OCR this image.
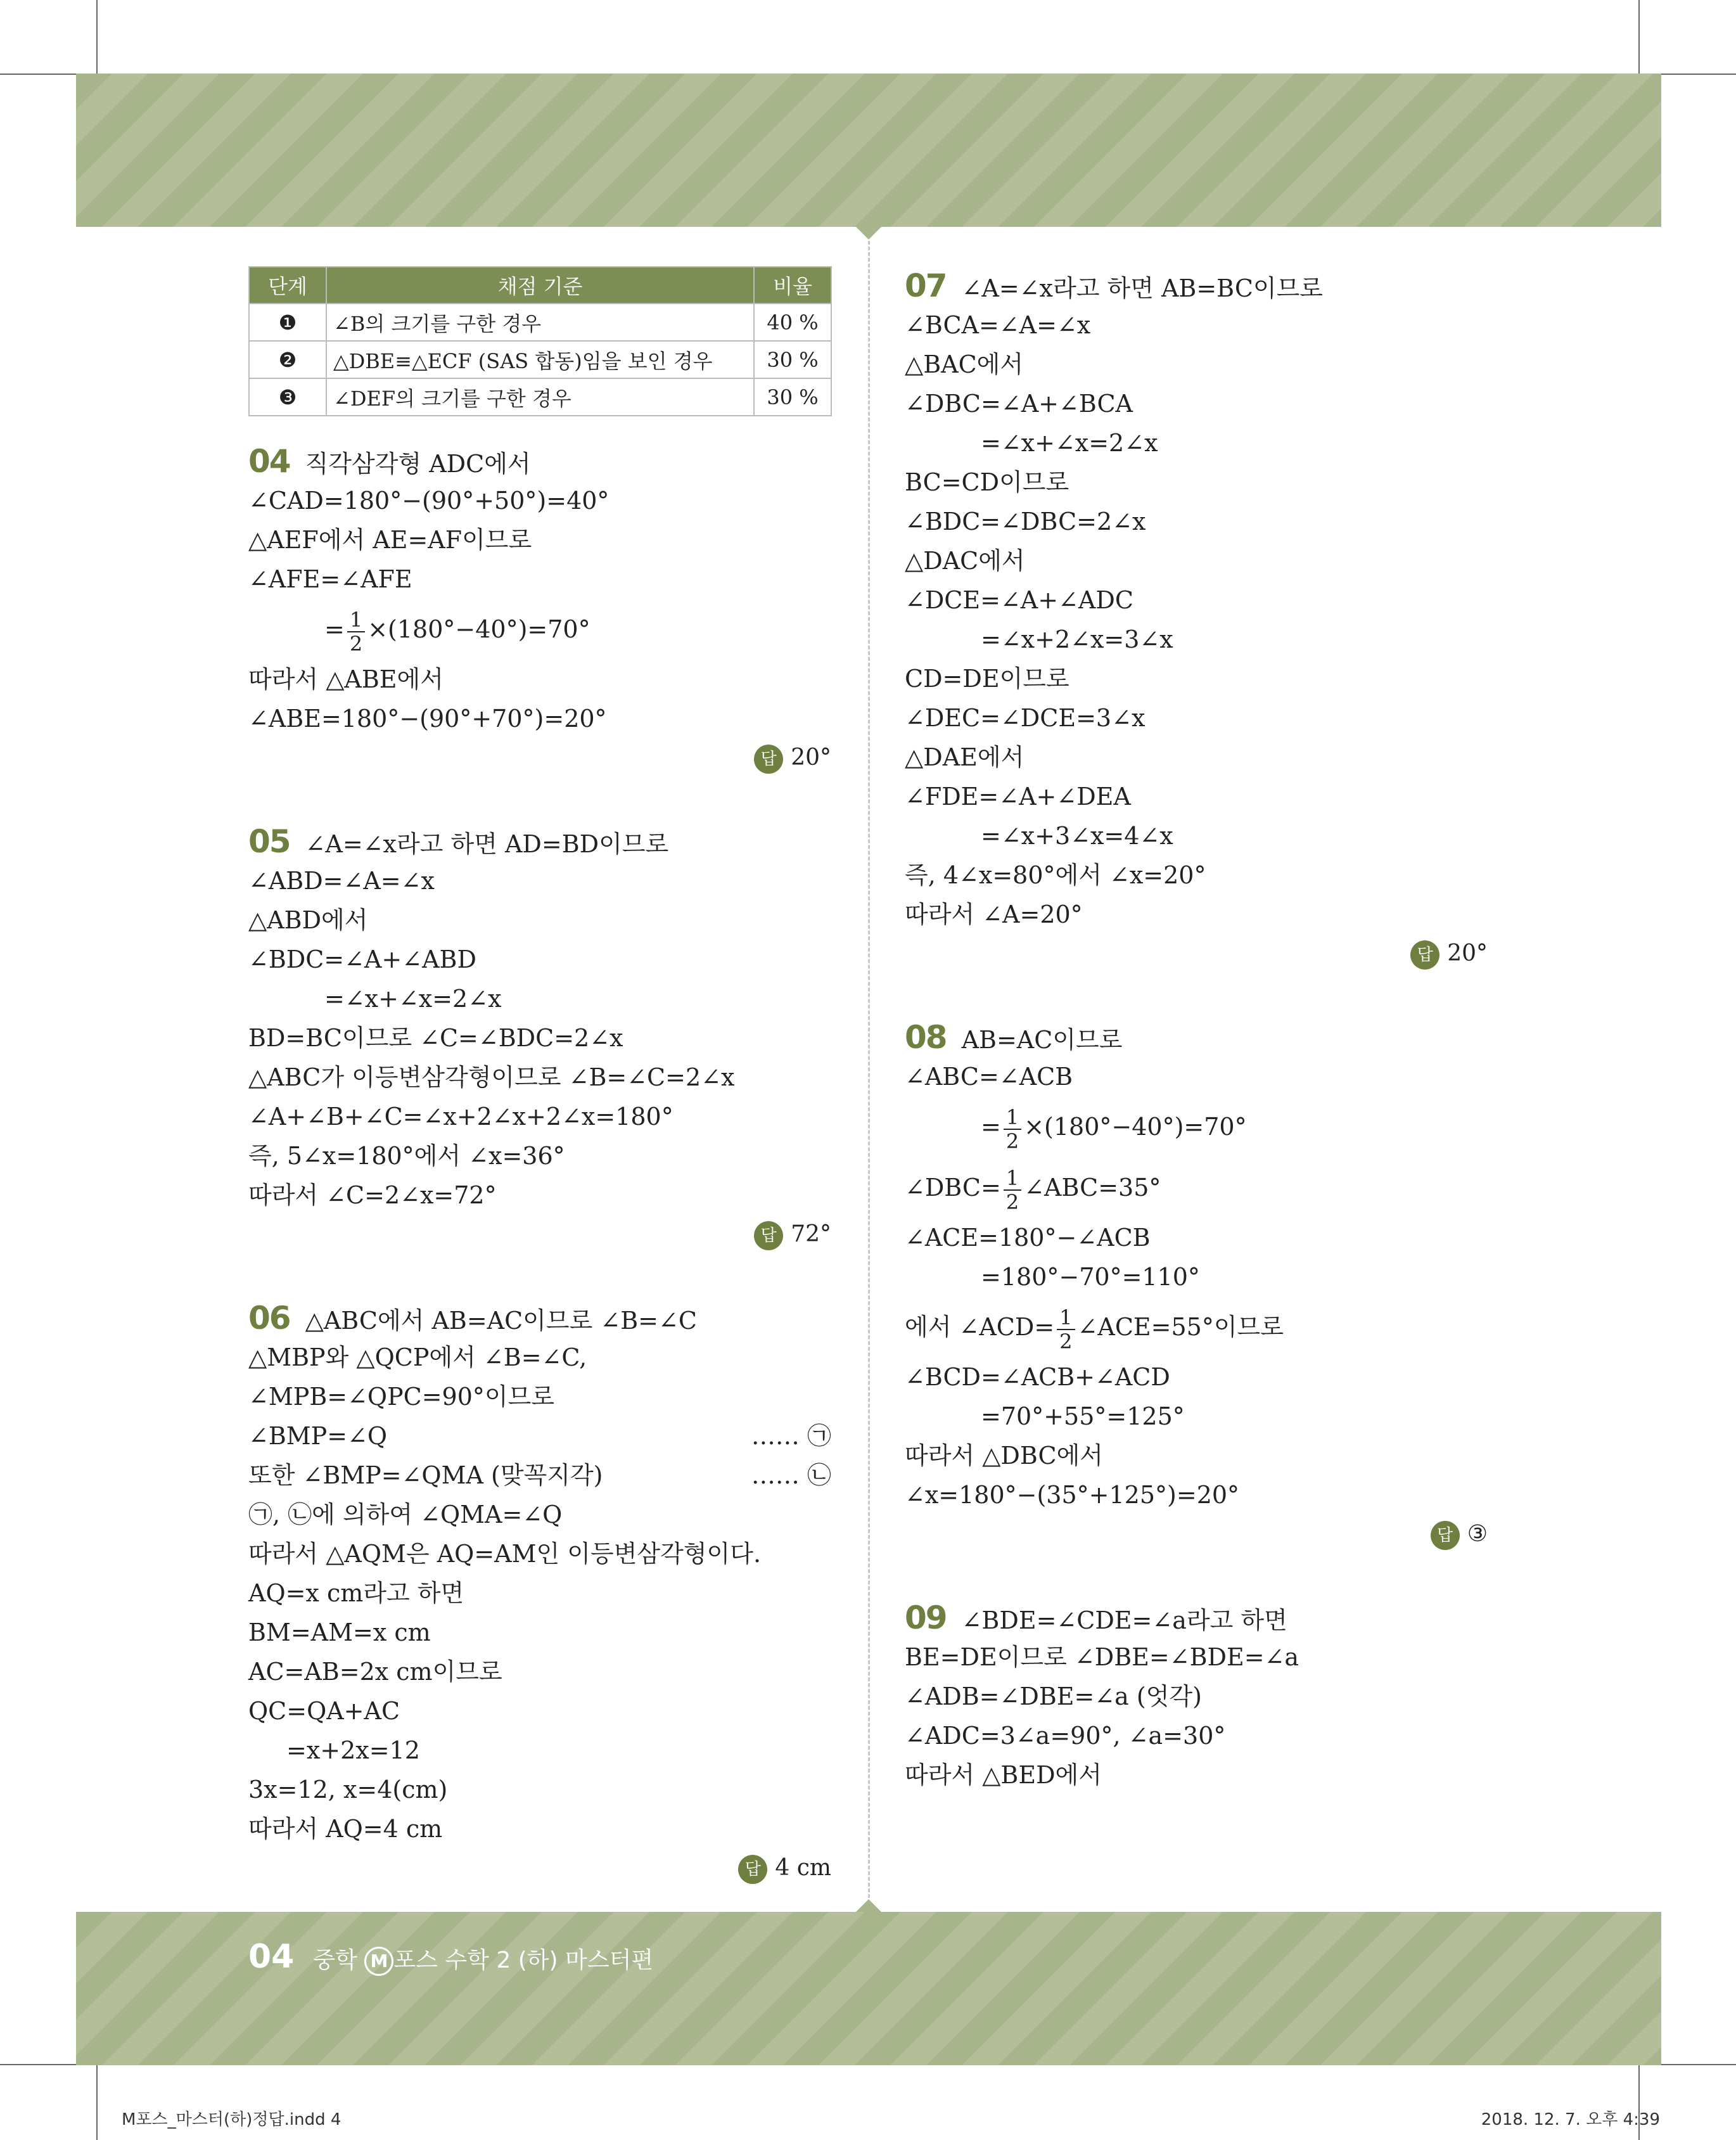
단계	채점 기준	비율
❶	∠B의 크기를 구한 경우	40 %
❷	△DBE≡△ECF (SAS 합동)임을 보인 경우	30 %
❸	∠DEF의 크기를 구한 경우	30 %
04 직각삼각형 ADC에서
∠CAD=180°−(90°+50°)=40°
△AEF에서 AE=AF이므로
∠AFE=∠AFE
= $\frac{1}{2} \times(180^\circ-40^\circ)=70^\circ$
따라서 △ABE에서
∠ABE=180°−(90°+70°)=20°
답 20°
05 ∠A=∠x라고 하면 AD=BD이므로
∠ABD=∠A=∠x
△ABD에서
∠BDC=∠A+∠ABD
=∠x+∠x=2∠x
BD=BC이므로 ∠C=∠BDC=2∠x
△ABC가 이등변삼각형이므로 ∠B=∠C=2∠x
∠A+∠B+∠C=∠x+2∠x+2∠x=180°
즉, 5∠x=180°에서 ∠x=36°
따라서 ∠C=2∠x=72°
답 72°
06 △ABC에서 AB=AC이므로 ∠B=∠C
△MBP와 △QCP에서 ∠B=∠C,
∠MPB=∠QPC=90°이므로
∠BMP=∠Q	…… ㉠
또한 ∠BMP=∠QMA (맞꼭지각)	…… ㉡
㉠, ㉡에 의하여 ∠QMA=∠Q
따라서 △AQM은 AQ=AM인 이등변삼각형이다.
AQ=x cm라고 하면
BM=AM=x cm
AC=AB=2x cm이므로
QC=QA+AC
=x+2x=12
3x=12, x=4(cm)
따라서 AQ=4 cm
답 4 cm
07 ∠A=∠x라고 하면 AB=BC이므로
∠BCA=∠A=∠x
△BAC에서
∠DBC=∠A+∠BCA
=∠x+∠x=2∠x
BC=CD이므로
∠BDC=∠DBC=2∠x
△DAC에서
∠DCE=∠A+∠ADC
=∠x+2∠x=3∠x
CD=DE이므로
∠DEC=∠DCE=3∠x
△DAE에서
∠FDE=∠A+∠DEA
=∠x+3∠x=4∠x
즉, 4∠x=80°에서 ∠x=20°
따라서 ∠A=20°
답 20°
08 AB=AC이므로
∠ABC=∠ACB
= $\frac{1}{2} \times(180^\circ-40^\circ)=70^\circ$
∠DBC= $\frac{1}{2}$ ∠ABC=35°
∠ACE=180°−∠ACB
=180°−70°=110°
에서 ∠ACD= $\frac{1}{2}$ ∠ACE=55°이므로
∠BCD=∠ACB+∠ACD
=70°+55°=125°
따라서 △DBC에서
∠x=180°−(35°+125°)=20°
답 ③
09 ∠BDE=∠CDE=∠a라고 하면
BE=DE이므로 ∠DBE=∠BDE=∠a
∠ADB=∠DBE=∠a (엇각)
∠ADC=3∠a=90°, ∠a=30°
따라서 △BED에서
04 중학 M 포스 수학 2 (하) 마스터편
M포스_마스터(하)정답.indd 4	2018. 12. 7. 오후 4:39
